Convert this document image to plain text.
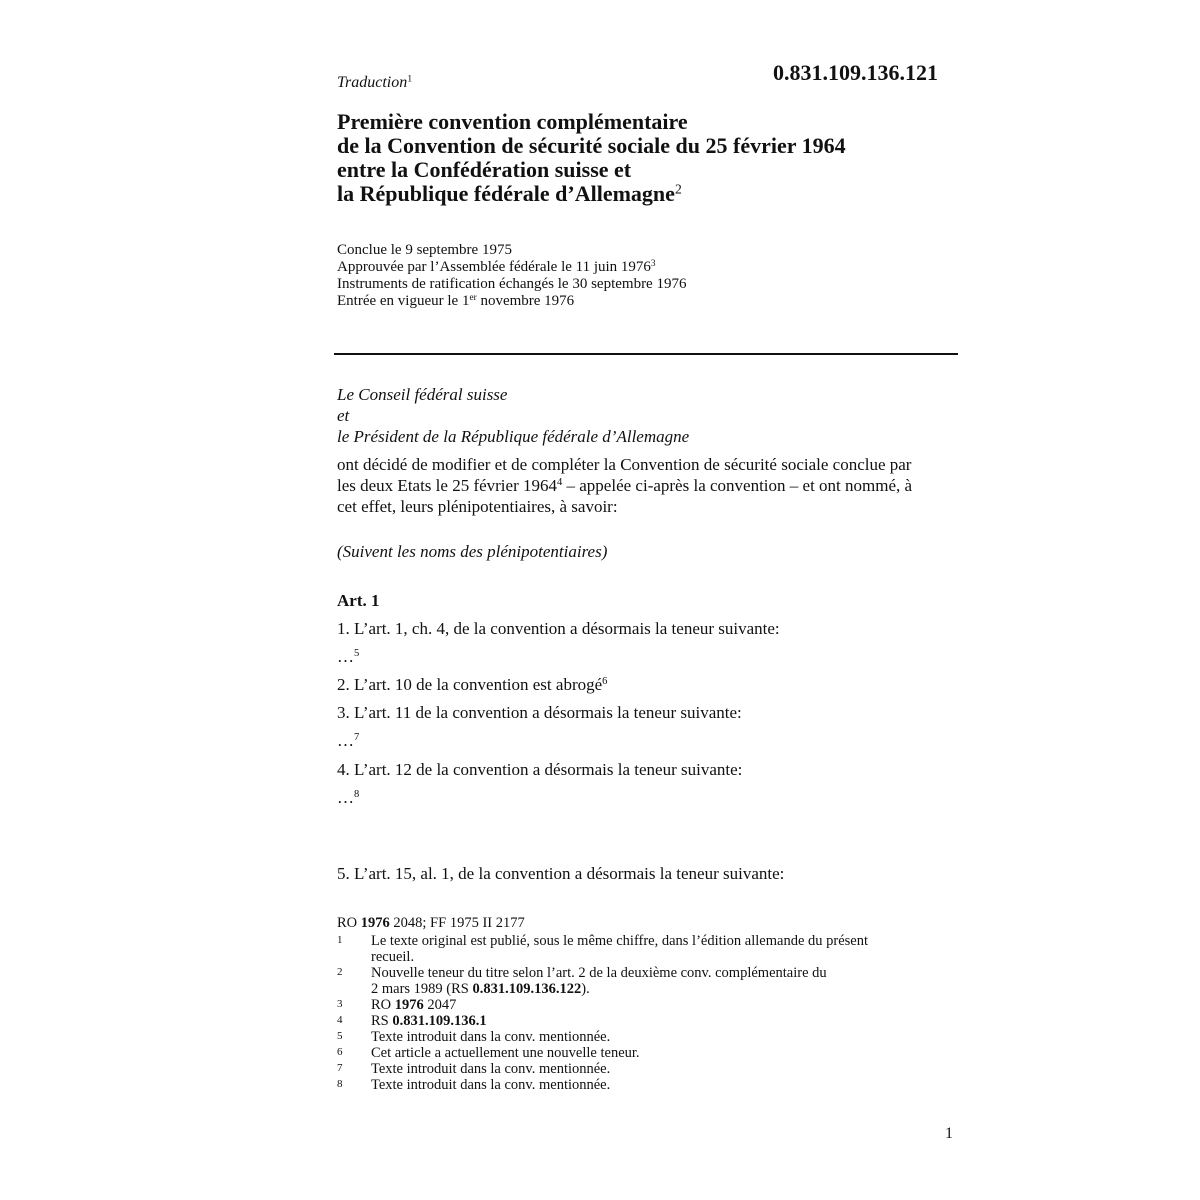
0.831.109.136.121
Traduction$^1$
Première convention complémentaire
de la Convention de sécurité sociale du 25 février 1964
entre la Confédération suisse et
la République fédérale d’Allemagne$^2$
Conclue le 9 septembre 1975
Approuvée par l’Assemblée fédérale le 11 juin 1976$^3$
Instruments de ratification échangés le 30 septembre 1976
Entrée en vigueur le 1er novembre 1976
Le Conseil fédéral suisse
et
le Président de la République fédérale d’Allemagne
ont décidé de modifier et de compléter la Convention de sécurité sociale conclue par
les deux Etats le 25 février 1964$^4$ – appelée ci-après la convention – et ont nommé, à
cet effet, leurs plénipotentiaires, à savoir:
(Suivent les noms des plénipotentiaires)
Art. 1
1. L’art. 1, ch. 4, de la convention a désormais la teneur suivante:
…$^5$
2. L’art. 10 de la convention est abrogé$^6$
3. L’art. 11 de la convention a désormais la teneur suivante:
…$^7$
4. L’art. 12 de la convention a désormais la teneur suivante:
…$^8$
5. L’art. 15, al. 1, de la convention a désormais la teneur suivante:
RO 1976 2048; FF 1975 II 2177
1 Le texte original est publié, sous le même chiffre, dans l’édition allemande du présent
recueil.
2 Nouvelle teneur du titre selon l’art. 2 de la deuxième conv. complémentaire du
2 mars 1989 (RS 0.831.109.136.122).
3 RO 1976 2047
4 RS 0.831.109.136.1
5 Texte introduit dans la conv. mentionnée.
6 Cet article a actuellement une nouvelle teneur.
7 Texte introduit dans la conv. mentionnée.
8 Texte introduit dans la conv. mentionnée.
1
